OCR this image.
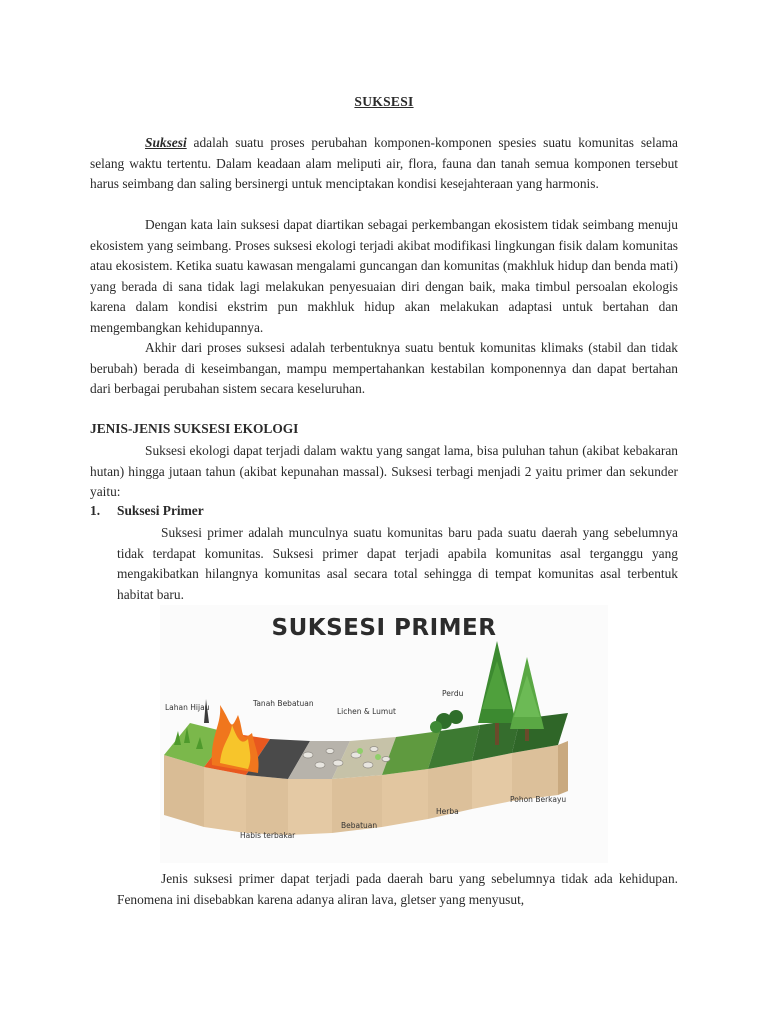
SUKSESI

Suksesi adalah suatu proses perubahan komponen-komponen spesies suatu komunitas selama selang waktu tertentu. Dalam keadaan alam meliputi air, flora, fauna dan tanah semua komponen tersebut harus seimbang dan saling bersinergi untuk menciptakan kondisi kesejahteraan yang harmonis.

Dengan kata lain suksesi dapat diartikan sebagai perkembangan ekosistem tidak seimbang menuju ekosistem yang seimbang. Proses suksesi ekologi terjadi akibat modifikasi lingkungan fisik dalam komunitas atau ekosistem. Ketika suatu kawasan mengalami guncangan dan komunitas (makhluk hidup dan benda mati) yang berada di sana tidak lagi melakukan penyesuaian diri dengan baik, maka timbul persoalan ekologis karena dalam kondisi ekstrim pun makhluk hidup akan melakukan adaptasi untuk bertahan dan mengembangkan kehidupannya.

Akhir dari proses suksesi adalah terbentuknya suatu bentuk komunitas klimaks (stabil dan tidak berubah) berada di keseimbangan, mampu mempertahankan kestabilan komponennya dan dapat bertahan dari berbagai perubahan sistem secara keseluruhan.

JENIS-JENIS SUKSESI EKOLOGI

Suksesi ekologi dapat terjadi dalam waktu yang sangat lama, bisa puluhan tahun (akibat kebakaran hutan) hingga jutaan tahun (akibat kepunahan massal). Suksesi terbagi menjadi 2 yaitu primer dan sekunder yaitu:

1. Suksesi Primer

Suksesi primer adalah munculnya suatu komunitas baru pada suatu daerah yang sebelumnya tidak terdapat komunitas. Suksesi primer dapat terjadi apabila komunitas asal terganggu yang mengakibatkan hilangnya komunitas asal secara total sehingga di tempat komunitas asal terbentuk habitat baru.

SUKSESI PRIMER
Lahan Hijau	Tanah Bebatuan
Lichen & Lumut
Perdu
Habis terbakar
Bebatuan
Herba
Pohon Berkayu

Jenis suksesi primer dapat terjadi pada daerah baru yang sebelumnya tidak ada kehidupan. Fenomena ini disebabkan karena adanya aliran lava, gletser yang menyusut,
